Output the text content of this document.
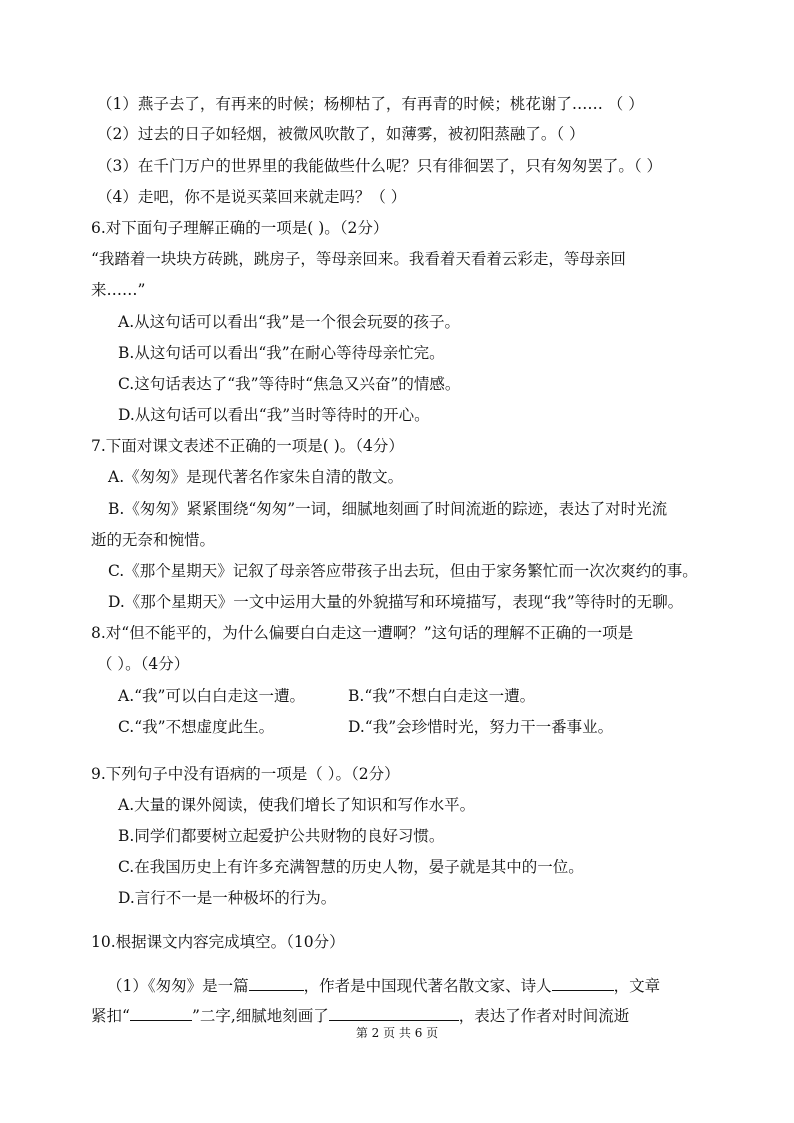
（1）燕子去了，有再来的时候；杨柳枯了，有再青的时候；桃花谢了…… （ ）
（2）过去的日子如轻烟，被微风吹散了，如薄雾，被初阳蒸融了。（ ）
（3）在千门万户的世界里的我能做些什么呢？只有徘徊罢了，只有匆匆罢了。（ ）
（4）走吧，你不是说买菜回来就走吗？（ ）
6.对下面句子理解正确的一项是( )。（2分）
“我踏着一块块方砖跳，跳房子，等母亲回来。我看着天看着云彩走，等母亲回
来……”
A.从这句话可以看出“我”是一个很会玩耍的孩子。
B.从这句话可以看出“我”在耐心等待母亲忙完。
C.这句话表达了“我”等待时“焦急又兴奋”的情感。
D.从这句话可以看出“我”当时等待时的开心。
7.下面对课文表述不正确的一项是( )。（4分）
A.《匆匆》是现代著名作家朱自清的散文。
B.《匆匆》紧紧围绕“匆匆”一词，细腻地刻画了时间流逝的踪迹，表达了对时光流
逝的无奈和惋惜。
C.《那个星期天》记叙了母亲答应带孩子出去玩，但由于家务繁忙而一次次爽约的事。
D.《那个星期天》一文中运用大量的外貌描写和环境描写，表现“我”等待时的无聊。
8.对“但不能平的，为什么偏要白白走这一遭啊？”这句话的理解不正确的一项是
（ ）。（4分）
A.“我”可以白白走这一遭。	B.“我”不想白白走这一遭。
C.“我”不想虚度此生。	D.“我”会珍惜时光，努力干一番事业。
9.下列句子中没有语病的一项是（ ）。（2分）
A.大量的课外阅读，使我们增长了知识和写作水平。
B.同学们都要树立起爱护公共财物的良好习惯。
C.在我国历史上有许多充满智慧的历史人物，晏子就是其中的一位。
D.言行不一是一种极坏的行为。
10.根据课文内容完成填空。（10分）
（1）《匆匆》是一篇	，作者是中国现代著名散文家、诗人	，文章
紧扣“	”二字,细腻地刻画了	，表达了作者对时间流逝
第 2 页 共 6 页
